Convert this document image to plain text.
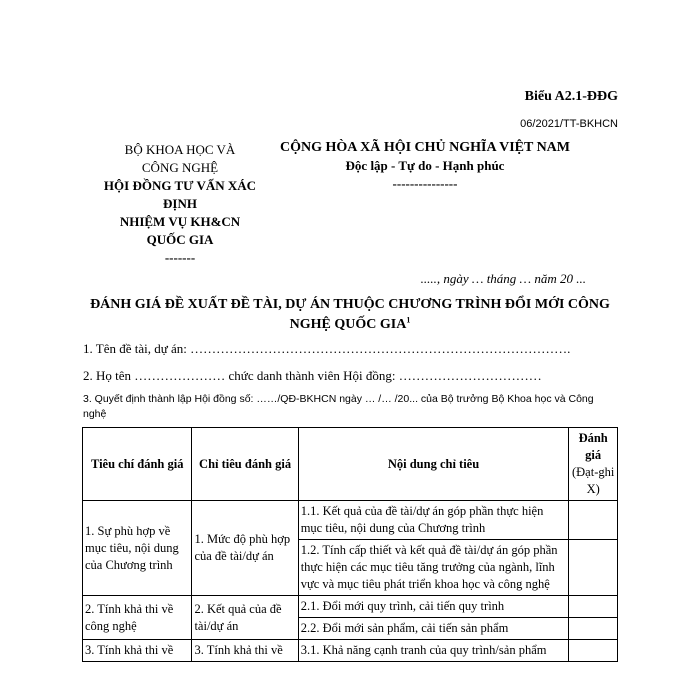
Biểu A2.1-ĐĐG
06/2021/TT-BKHCN
BỘ KHOA HỌC VÀ
CÔNG NGHỆ
HỘI ĐỒNG TƯ VẤN XÁC
ĐỊNH
NHIỆM VỤ KH&CN
QUỐC GIA
-------
CỘNG HÒA XÃ HỘI CHỦ NGHĨA VIỆT NAM
Độc lập - Tự do - Hạnh phúc
---------------
....., ngày … tháng … năm 20 ...
ĐÁNH GIÁ ĐỀ XUẤT ĐỀ TÀI, DỰ ÁN THUỘC CHƯƠNG TRÌNH ĐỔI MỚI CÔNG NGHỆ QUỐC GIA$^1$
1. Tên đề tài, dự án: …………………………………………………………………………….
2. Họ tên ………………… chức danh thành viên Hội đồng: ……………………………
3. Quyết định thành lập Hội đồng số: ……/QĐ-BKHCN ngày … /… /20... của Bộ trưởng Bộ Khoa học và Công nghệ
Tiêu chí đánh giá	Chỉ tiêu đánh giá	Nội dung chỉ tiêu	Đánh giá (Đạt-ghi X)
1. Sự phù hợp về mục tiêu, nội dung của Chương trình	1. Mức độ phù hợp của đề tài/dự án	1.1. Kết quả của đề tài/dự án góp phần thực hiện mục tiêu, nội dung của Chương trình	
		1.2. Tính cấp thiết và kết quả đề tài/dự án góp phần thực hiện các mục tiêu tăng trưởng của ngành, lĩnh vực và mục tiêu phát triển khoa học và công nghệ	
2. Tính khả thi về công nghệ	2. Kết quả của đề tài/dự án	2.1. Đổi mới quy trình, cải tiến quy trình	
		2.2. Đổi mới sản phẩm, cải tiến sản phẩm	
3. Tính khả thi về	3. Tính khả thi về	3.1. Khả năng cạnh tranh của quy trình/sản phẩm	
